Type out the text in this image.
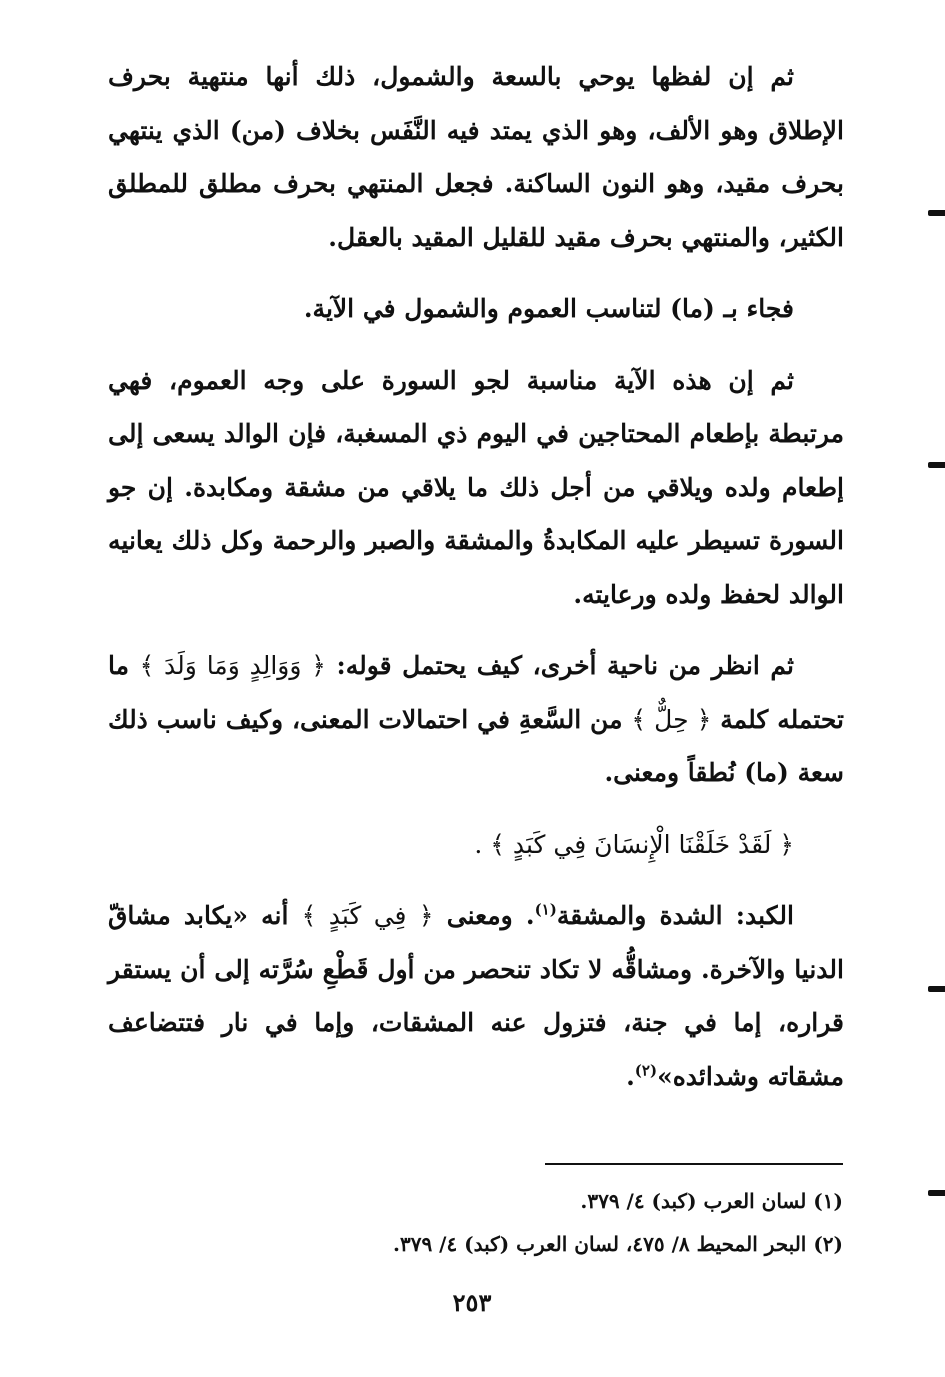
ثم إن لفظها يوحي بالسعة والشمول، ذلك أنها منتهية بحرف الإطلاق وهو الألف، وهو الذي يمتد فيه النَّفَس بخلاف (من) الذي ينتهي بحرف مقيد، وهو النون الساكنة. فجعل المنتهي بحرف مطلق للمطلق الكثير، والمنتهي بحرف مقيد للقليل المقيد بالعقل.

فجاء بـ (ما) لتناسب العموم والشمول في الآية.

ثم إن هذه الآية مناسبة لجو السورة على وجه العموم، فهي مرتبطة بإطعام المحتاجين في اليوم ذي المسغبة، فإن الوالد يسعى إلى إطعام ولده ويلاقي من أجل ذلك ما يلاقي من مشقة ومكابدة. إن جو السورة تسيطر عليه المكابدةُ والمشقة والصبر والرحمة وكل ذلك يعانيه الوالد لحفظ ولده ورعايته.

ثم انظر من ناحية أخرى، كيف يحتمل قوله: ﴿ وَوَالِدٍ وَمَا وَلَدَ ﴾ ما تحتمله كلمة ﴿ حِلٌّ ﴾ من السَّعةِ في احتمالات المعنى، وكيف ناسب ذلك سعة (ما) نُطقاً ومعنى.

﴿ لَقَدْ خَلَقْنَا الْإِنسَانَ فِي كَبَدٍ ﴾ .

الكبد: الشدة والمشقة$^{(١)}$. ومعنى ﴿ فِي كَبَدٍ ﴾ أنه «يكابد مشاقّ الدنيا والآخرة. ومشاقُّه لا تكاد تنحصر من أول قَطْعِ سُرَّته إلى أن يستقر قراره، إما في جنة، فتزول عنه المشقات، وإما في نار فتتضاعف مشقاته وشدائده»$^{(٢)}$.

(١) لسان العرب (كبد) ٤/ ٣٧٩.

(٢) البحر المحيط ٨/ ٤٧٥، لسان العرب (كبد) ٤/ ٣٧٩.

٢٥٣
